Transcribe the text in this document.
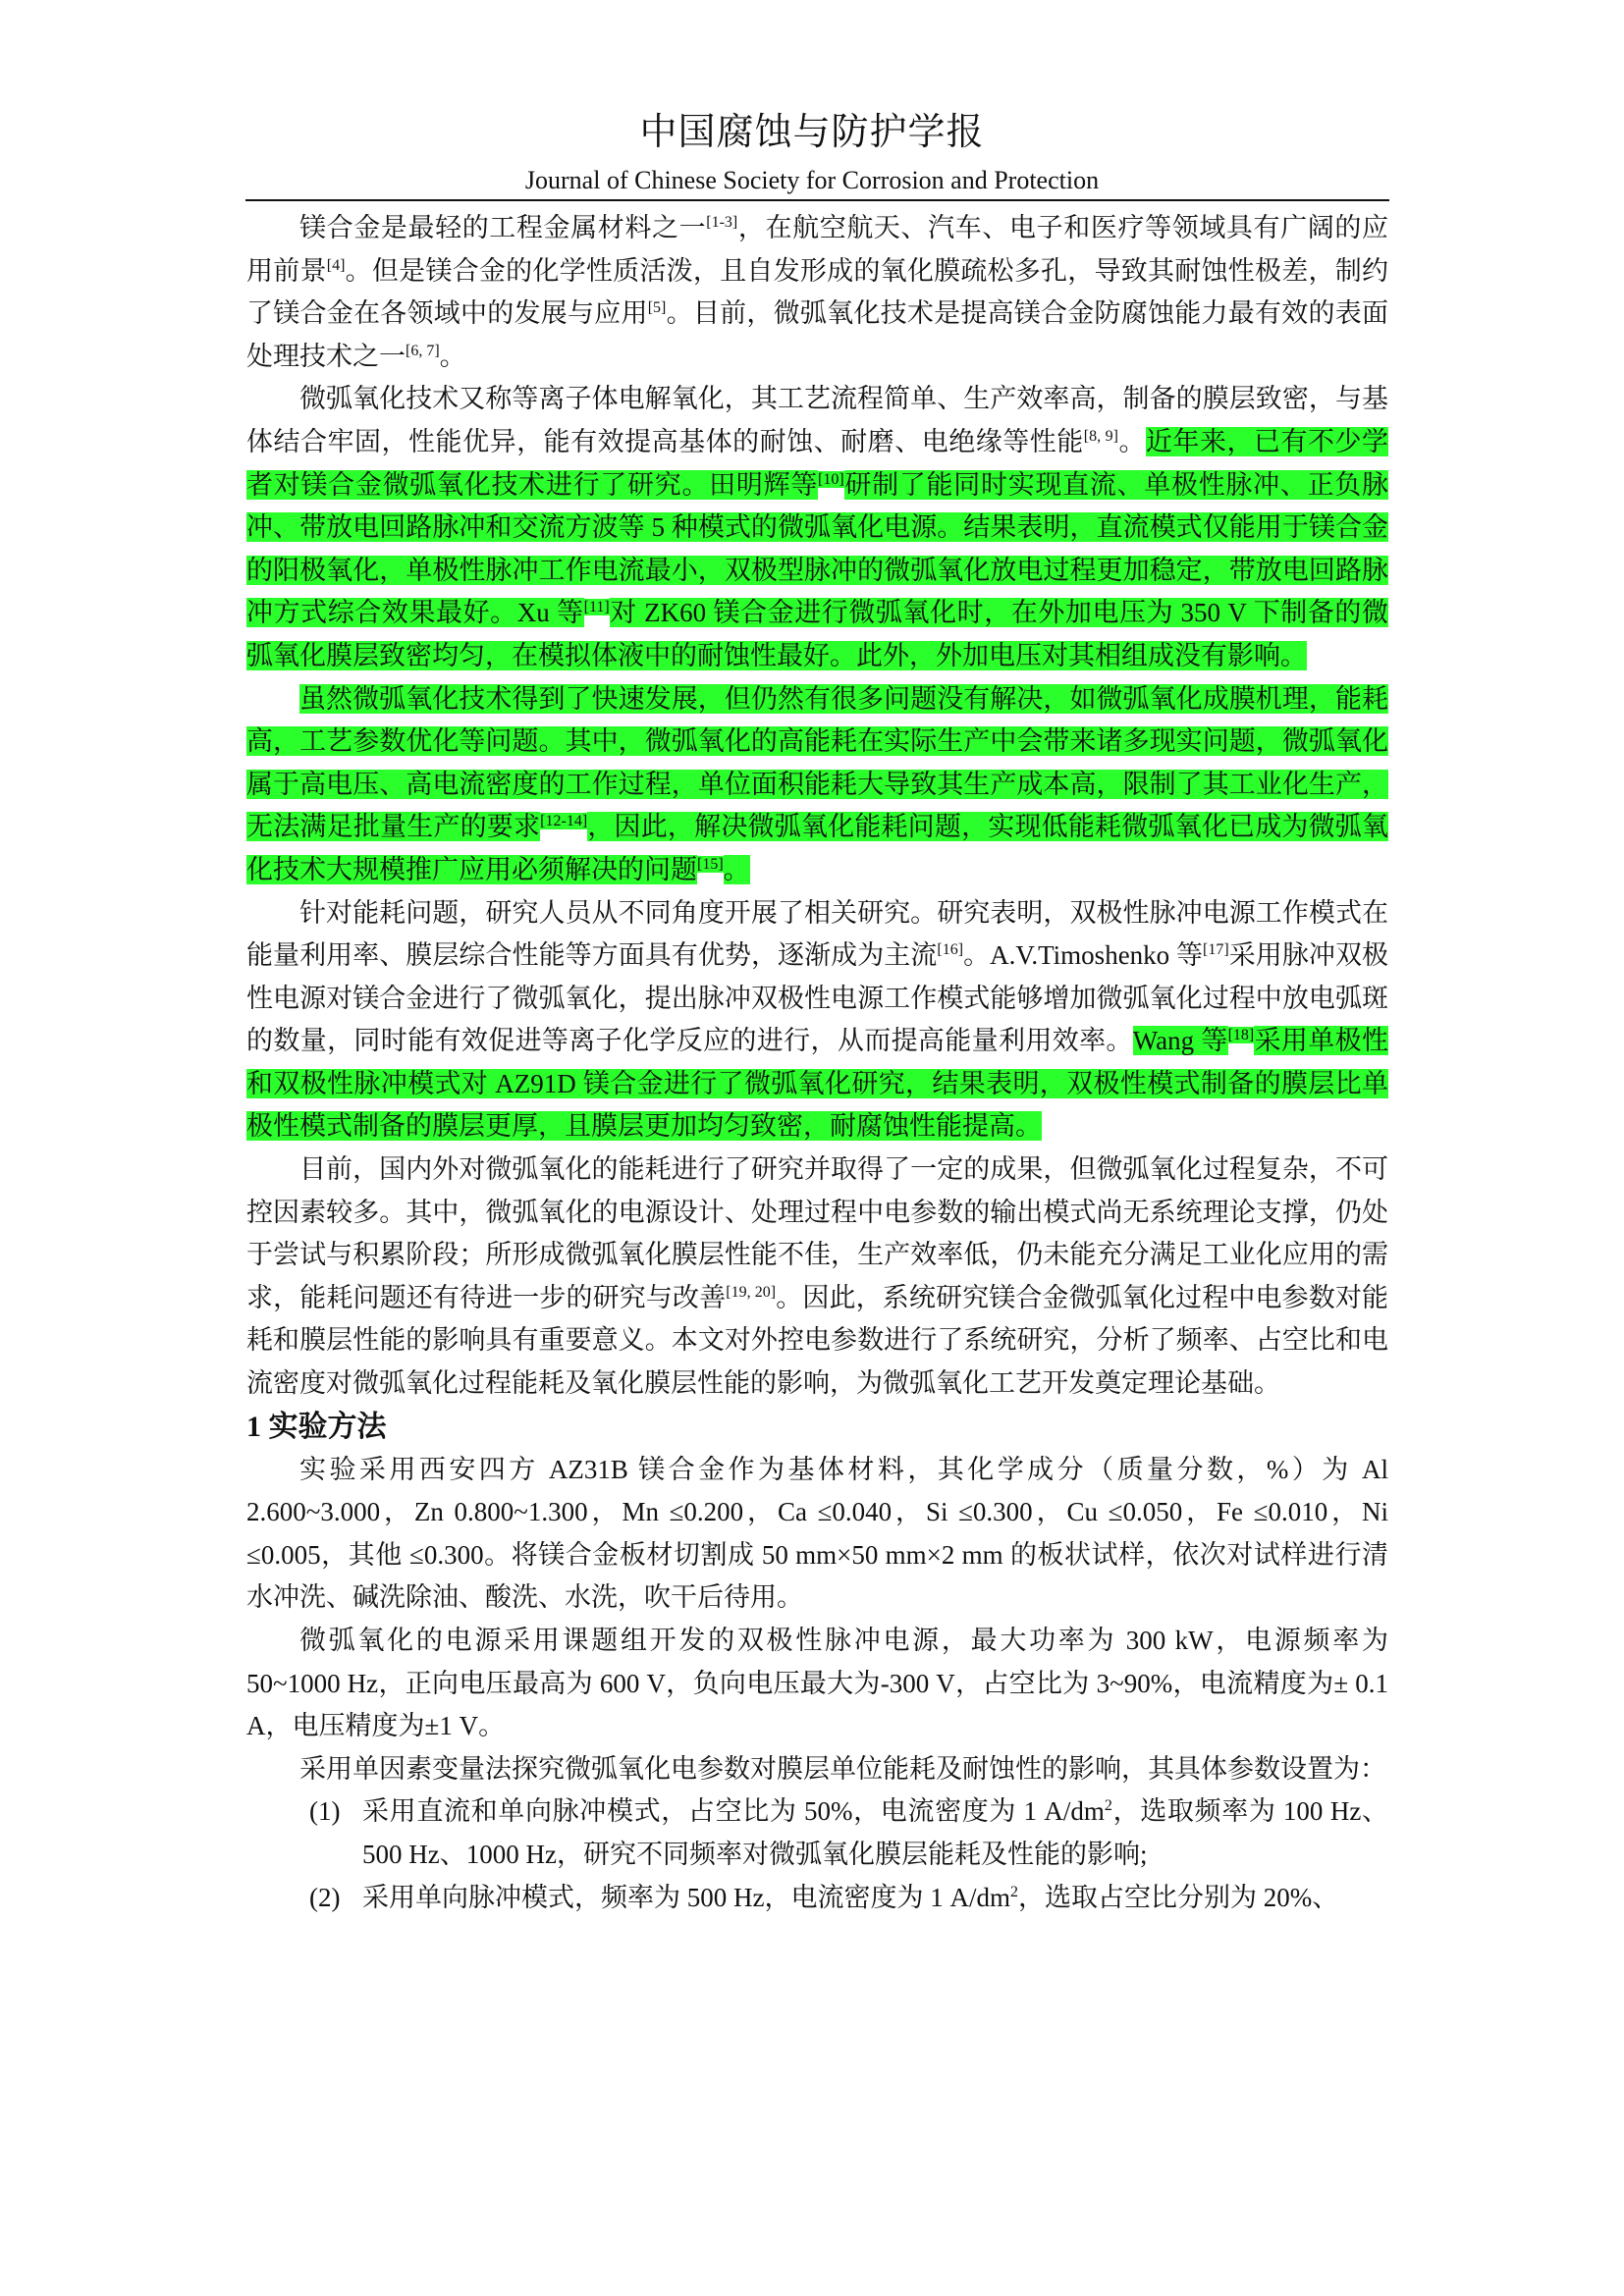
中国腐蚀与防护学报
Journal of Chinese Society for Corrosion and Protection

镁合金是最轻的工程金属材料之一[1-3]，在航空航天、汽车、电子和医疗等领域具有广阔的应用前景[4]。但是镁合金的化学性质活泼，且自发形成的氧化膜疏松多孔，导致其耐蚀性极差，制约了镁合金在各领域中的发展与应用[5]。目前，微弧氧化技术是提高镁合金防腐蚀能力最有效的表面处理技术之一[6, 7]。

微弧氧化技术又称等离子体电解氧化，其工艺流程简单、生产效率高，制备的膜层致密，与基体结合牢固，性能优异，能有效提高基体的耐蚀、耐磨、电绝缘等性能[8, 9]。近年来，已有不少学者对镁合金微弧氧化技术进行了研究。田明辉等[10]研制了能同时实现直流、单极性脉冲、正负脉冲、带放电回路脉冲和交流方波等 5 种模式的微弧氧化电源。结果表明，直流模式仅能用于镁合金的阳极氧化，单极性脉冲工作电流最小，双极型脉冲的微弧氧化放电过程更加稳定，带放电回路脉冲方式综合效果最好。Xu 等[11]对 ZK60 镁合金进行微弧氧化时，在外加电压为 350 V 下制备的微弧氧化膜层致密均匀，在模拟体液中的耐蚀性最好。此外，外加电压对其相组成没有影响。

虽然微弧氧化技术得到了快速发展，但仍然有很多问题没有解决，如微弧氧化成膜机理，能耗高，工艺参数优化等问题。其中，微弧氧化的高能耗在实际生产中会带来诸多现实问题，微弧氧化属于高电压、高电流密度的工作过程，单位面积能耗大导致其生产成本高，限制了其工业化生产，无法满足批量生产的要求[12-14]，因此，解决微弧氧化能耗问题，实现低能耗微弧氧化已成为微弧氧化技术大规模推广应用必须解决的问题[15]。

针对能耗问题，研究人员从不同角度开展了相关研究。研究表明，双极性脉冲电源工作模式在能量利用率、膜层综合性能等方面具有优势，逐渐成为主流[16]。A.V.Timoshenko 等[17]采用脉冲双极性电源对镁合金进行了微弧氧化，提出脉冲双极性电源工作模式能够增加微弧氧化过程中放电弧斑的数量，同时能有效促进等离子化学反应的进行，从而提高能量利用效率。Wang 等[18]采用单极性和双极性脉冲模式对 AZ91D 镁合金进行了微弧氧化研究，结果表明，双极性模式制备的膜层比单极性模式制备的膜层更厚，且膜层更加均匀致密，耐腐蚀性能提高。

目前，国内外对微弧氧化的能耗进行了研究并取得了一定的成果，但微弧氧化过程复杂，不可控因素较多。其中，微弧氧化的电源设计、处理过程中电参数的输出模式尚无系统理论支撑，仍处于尝试与积累阶段；所形成微弧氧化膜层性能不佳，生产效率低，仍未能充分满足工业化应用的需求，能耗问题还有待进一步的研究与改善[19, 20]。因此，系统研究镁合金微弧氧化过程中电参数对能耗和膜层性能的影响具有重要意义。本文对外控电参数进行了系统研究，分析了频率、占空比和电流密度对微弧氧化过程能耗及氧化膜层性能的影响，为微弧氧化工艺开发奠定理论基础。

1 实验方法

实验采用西安四方 AZ31B 镁合金作为基体材料，其化学成分（质量分数，%）为 Al 2.600~3.000，Zn 0.800~1.300，Mn ≤0.200，Ca ≤0.040，Si ≤0.300，Cu ≤0.050，Fe ≤0.010，Ni ≤0.005，其他 ≤0.300。将镁合金板材切割成 50 mm×50 mm×2 mm 的板状试样，依次对试样进行清水冲洗、碱洗除油、酸洗、水洗，吹干后待用。

微弧氧化的电源采用课题组开发的双极性脉冲电源，最大功率为 300 kW，电源频率为 50~1000 Hz，正向电压最高为 600 V，负向电压最大为-300 V，占空比为 3~90%，电流精度为± 0.1 A，电压精度为±1 V。

采用单因素变量法探究微弧氧化电参数对膜层单位能耗及耐蚀性的影响，其具体参数设置为：

(1) 采用直流和单向脉冲模式，占空比为 50%，电流密度为 1 $A/dm^2$，选取频率为 100 Hz、500 Hz、1000 Hz，研究不同频率对微弧氧化膜层能耗及性能的影响;

(2) 采用单向脉冲模式，频率为 500 Hz，电流密度为 1 $A/dm^2$，选取占空比分别为 20%、
